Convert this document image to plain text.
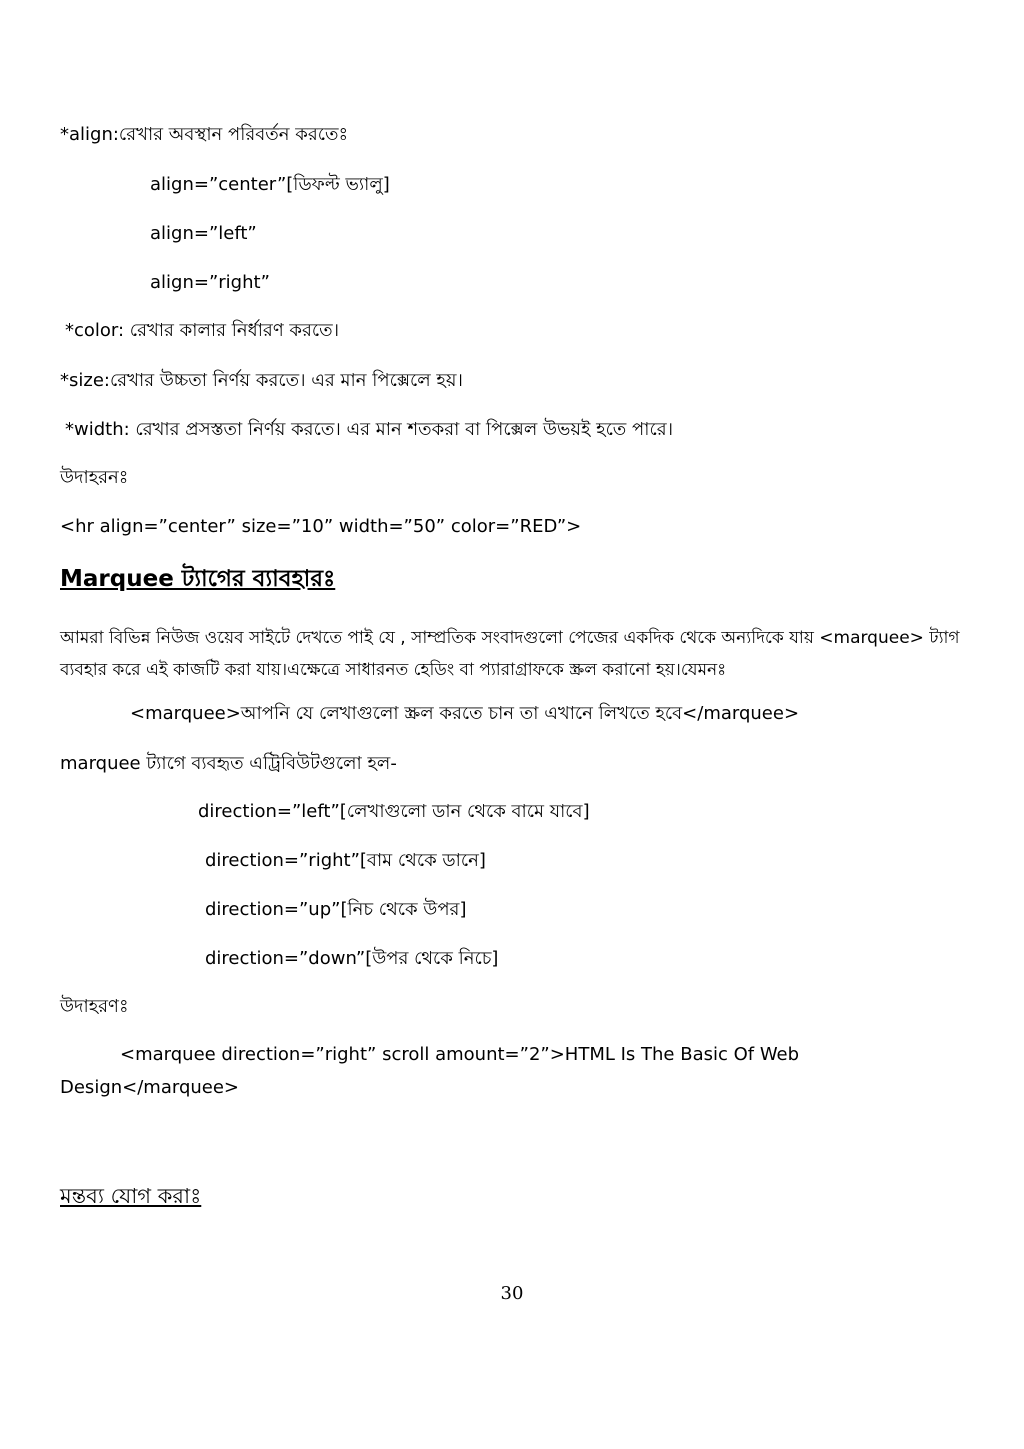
*align:রেখার অবস্থান পরিবর্তন করতেঃ
align=”center”[ডিফল্ট ভ্যালু]
align=”left”
align=”right”
*color: রেখার কালার নির্ধারণ করতে।
*size:রেখার উচ্চতা নির্ণয় করতে। এর মান পিক্সেলে হয়।
*width: রেখার প্রসস্ততা নির্ণয় করতে। এর মান শতকরা বা পিক্সেল উভয়ই হতে পারে।
উদাহরনঃ
<hr align=”center” size=”10” width=”50” color=”RED”>
Marquee ট্যাগের ব্যাবহারঃ
আমরা বিভিন্ন নিউজ ওয়েব সাইটে দেখতে পাই যে , সাম্প্রতিক সংবাদগুলো পেজের একদিক থেকে অন্যদিকে যায় <marquee> ট্যাগ ব্যবহার করে এই কাজটি করা যায়।এক্ষেত্রে সাধারনত হেডিং বা প্যারাগ্রাফকে স্ক্রল করানো হয়।যেমনঃ
<marquee>আপনি যে লেখাগুলো স্ক্রল করতে চান তা এখানে লিখতে হবে</marquee>
marquee ট্যাগে ব্যবহৃত এট্রিবিউটগুলো হল-
direction=”left”[লেখাগুলো ডান থেকে বামে যাবে]
direction=”right”[বাম থেকে ডানে]
direction=”up”[নিচ থেকে উপর]
direction=”down”[উপর থেকে নিচে]
উদাহরণঃ
<marquee direction=”right” scroll amount=”2”>HTML Is The Basic Of Web
Design</marquee>
মন্তব্য যোগ করাঃ
30
